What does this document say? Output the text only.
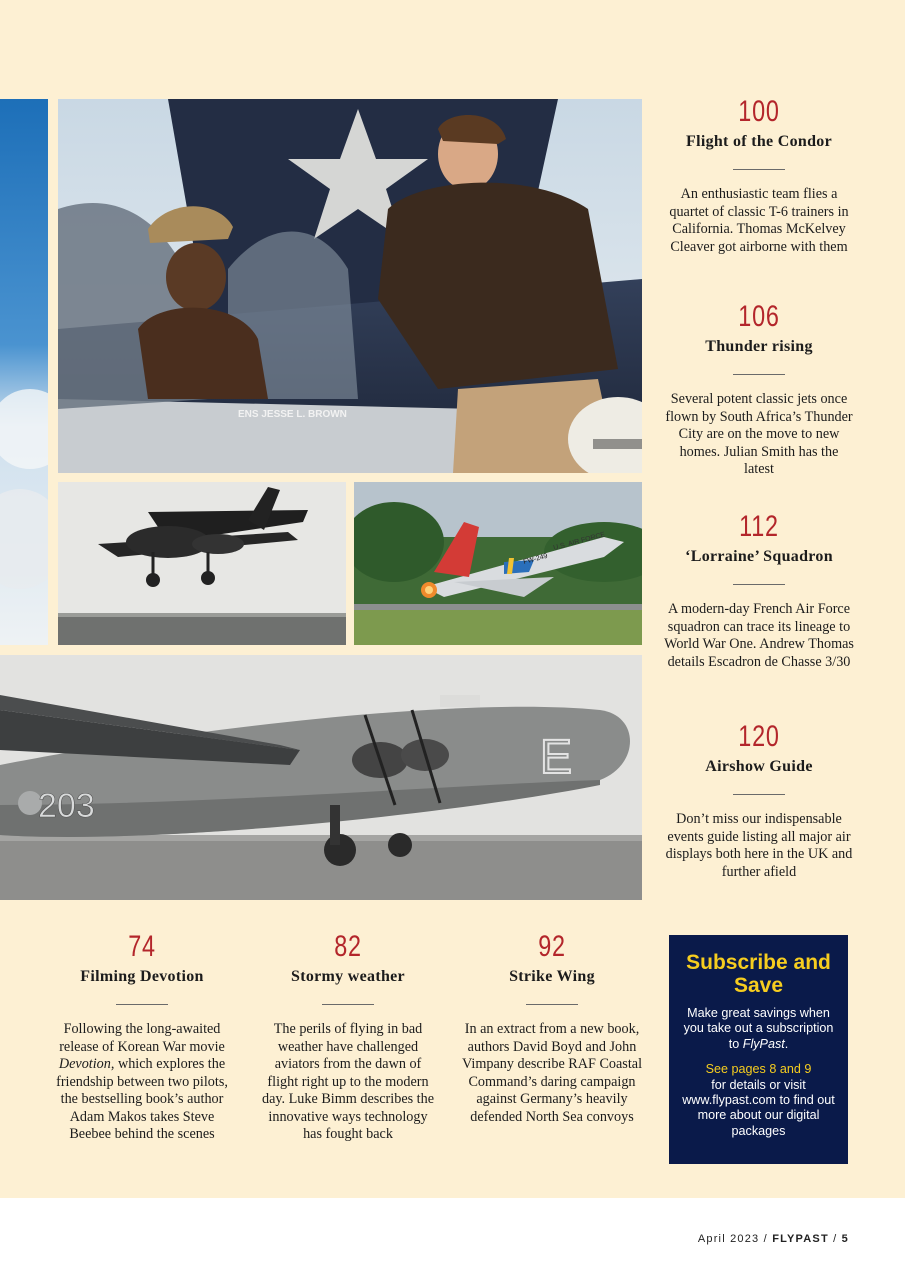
ENS JESSE L. BROWN
U.S. AIR FORCE
FW-249
203
E
100
Flight of the Condor
An enthusiastic team flies a quartet of classic T-6 trainers in California. Thomas McKelvey Cleaver got airborne with them
106
Thunder rising
Several potent classic jets once flown by South Africa’s Thunder City are on the move to new homes. Julian Smith has the latest
112
‘Lorraine’ Squadron
A modern-day French Air Force squadron can trace its lineage to World War One. Andrew Thomas details Escadron de Chasse 3/30
120
Airshow Guide
Don’t miss our indispensable events guide listing all major air displays both here in the UK and further afield
74
Filming Devotion
Following the long-awaited release of Korean War movie Devotion, which explores the friendship between two pilots, the bestselling book’s author Adam Makos takes Steve Beebee behind the scenes
82
Stormy weather
The perils of flying in bad weather have challenged aviators from the dawn of flight right up to the modern day. Luke Bimm describes the innovative ways technology has fought back
92
Strike Wing
In an extract from a new book, authors David Boyd and John Vimpany describe RAF Coastal Command’s daring campaign against Germany’s heavily defended North Sea convoys
Subscribe and Save
Make great savings when you take out a subscription to FlyPast.
See pages 8 and 9
for details or visit www.flypast.com to find out more about our digital packages
April 2023 / FLYPAST / 5
